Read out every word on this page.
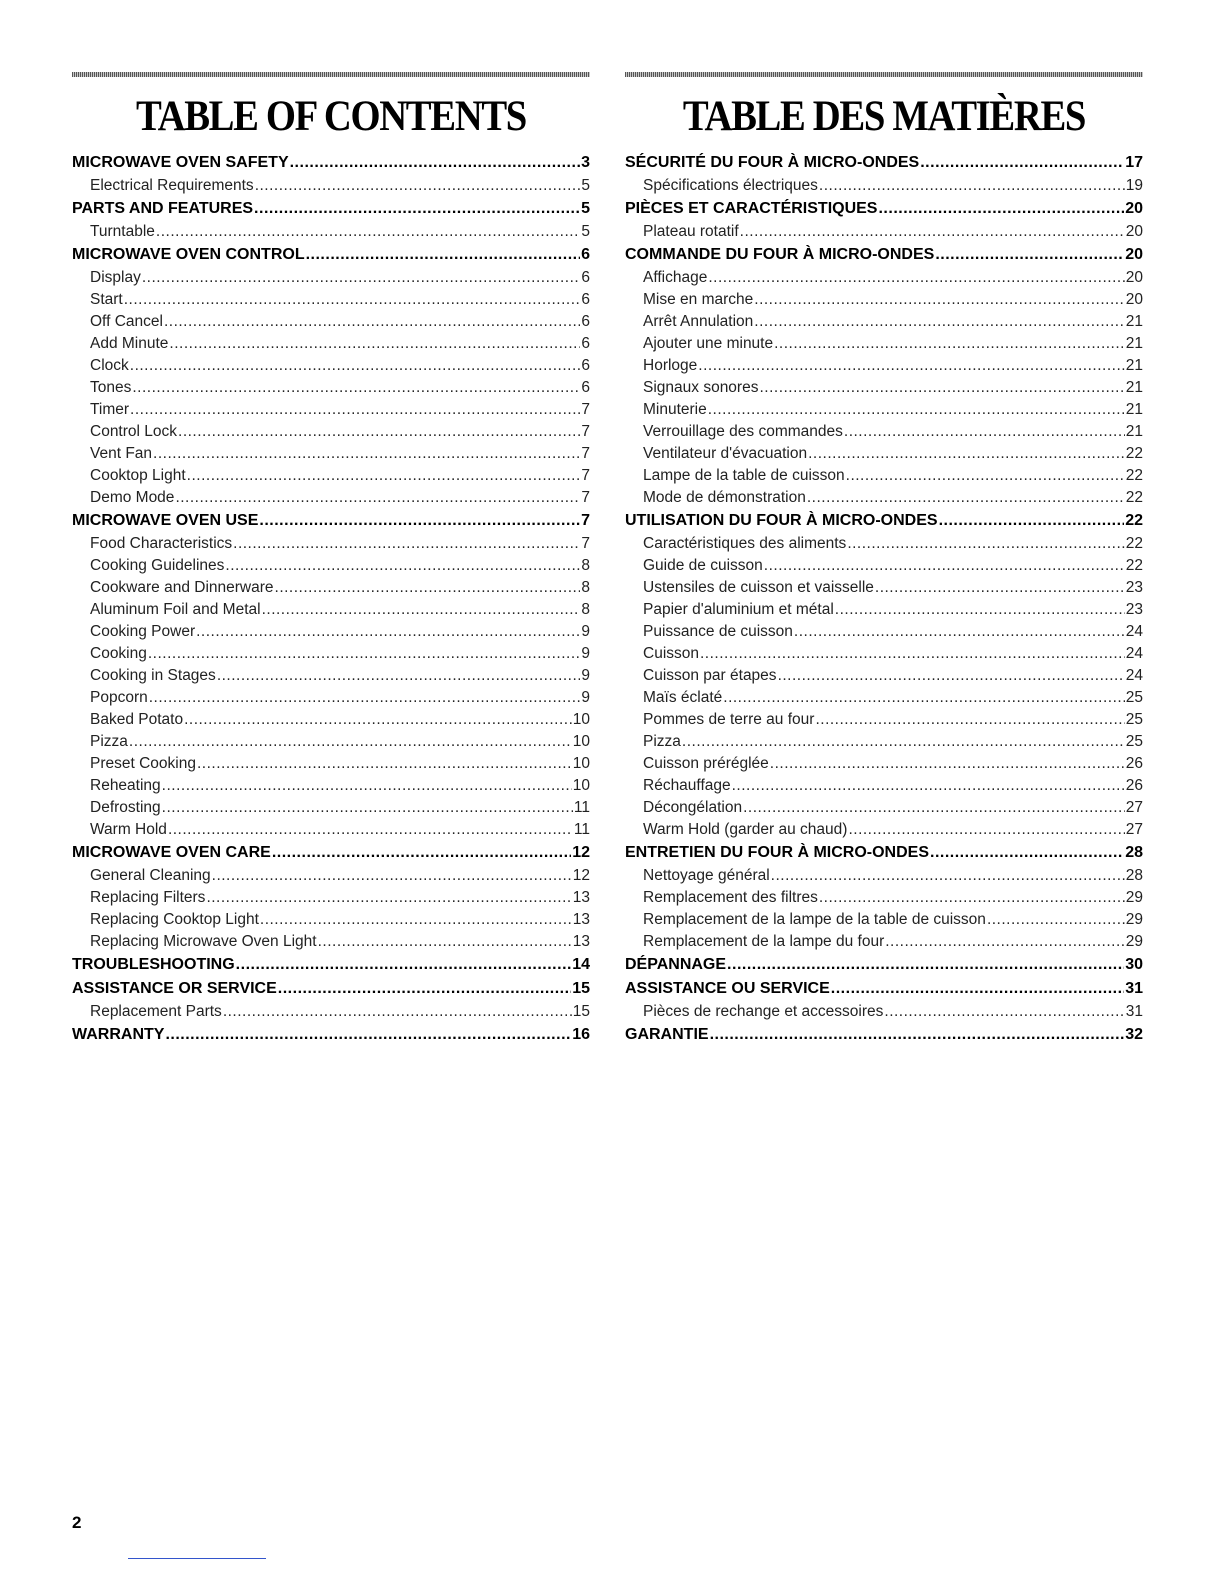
TABLE OF CONTENTS
MICROWAVE OVEN SAFETY .....	3
Electrical Requirements .....	5
PARTS AND FEATURES .....	5
Turntable .....	5
MICROWAVE OVEN CONTROL .....	6
Display .....	6
Start .....	6
Off Cancel .....	6
Add Minute .....	6
Clock .....	6
Tones .....	6
Timer .....	7
Control Lock .....	7
Vent Fan .....	7
Cooktop Light .....	7
Demo Mode .....	7
MICROWAVE OVEN USE .....	7
Food Characteristics .....	7
Cooking Guidelines .....	8
Cookware and Dinnerware .....	8
Aluminum Foil and Metal .....	8
Cooking Power .....	9
Cooking .....	9
Cooking in Stages .....	9
Popcorn .....	9
Baked Potato .....	10
Pizza .....	10
Preset Cooking .....	10
Reheating .....	10
Defrosting .....	11
Warm Hold .....	11
MICROWAVE OVEN CARE .....	12
General Cleaning .....	12
Replacing Filters .....	13
Replacing Cooktop Light .....	13
Replacing Microwave Oven Light .....	13
TROUBLESHOOTING .....	14
ASSISTANCE OR SERVICE .....	15
Replacement Parts .....	15
WARRANTY .....	16
TABLE DES MATIÈRES
SÉCURITÉ DU FOUR À MICRO-ONDES .....	17
Spécifications électriques .....	19
PIÈCES ET CARACTÉRISTIQUES .....	20
Plateau rotatif .....	20
COMMANDE DU FOUR À MICRO-ONDES .....	20
Affichage .....	20
Mise en marche .....	20
Arrêt Annulation .....	21
Ajouter une minute .....	21
Horloge .....	21
Signaux sonores .....	21
Minuterie .....	21
Verrouillage des commandes .....	21
Ventilateur d'évacuation .....	22
Lampe de la table de cuisson .....	22
Mode de démonstration .....	22
UTILISATION DU FOUR À MICRO-ONDES .....	22
Caractéristiques des aliments .....	22
Guide de cuisson .....	22
Ustensiles de cuisson et vaisselle .....	23
Papier d'aluminium et métal .....	23
Puissance de cuisson .....	24
Cuisson .....	24
Cuisson par étapes .....	24
Maïs éclaté .....	25
Pommes de terre au four .....	25
Pizza .....	25
Cuisson préréglée .....	26
Réchauffage .....	26
Décongélation .....	27
Warm Hold (garder au chaud) .....	27
ENTRETIEN DU FOUR À MICRO-ONDES .....	28
Nettoyage général .....	28
Remplacement des filtres .....	29
Remplacement de la lampe de la table de cuisson .....	29
Remplacement de la lampe du four .....	29
DÉPANNAGE .....	30
ASSISTANCE OU SERVICE .....	31
Pièces de rechange et accessoires .....	31
GARANTIE .....	32
2
